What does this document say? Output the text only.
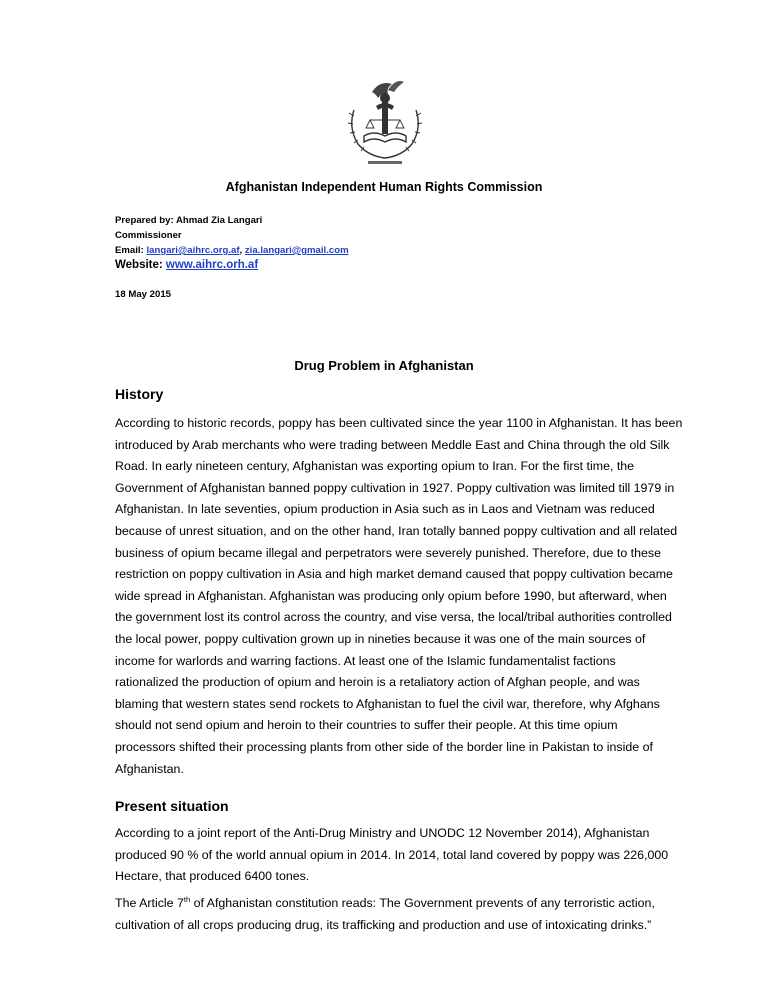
Afghanistan Independent Human Rights Commission
Prepared by: Ahmad Zia Langari
Commissioner
Email: langari@aihrc.org.af, zia.langari@gmail.com
Website: www.aihrc.orh.af
18 May 2015
Drug Problem in Afghanistan
History
According to historic records, poppy has been cultivated since the year 1100 in Afghanistan. It has been
introduced by Arab merchants who were trading between Meddle East and China through the old Silk
Road. In early nineteen century, Afghanistan was exporting opium to Iran. For the first time, the
Government of Afghanistan banned poppy cultivation in 1927. Poppy cultivation was limited till 1979 in
Afghanistan. In late seventies, opium production in Asia such as in Laos and Vietnam was reduced
because of unrest situation, and on the other hand, Iran totally banned poppy cultivation and all related
business of opium became illegal and perpetrators were severely punished. Therefore, due to these
restriction on poppy cultivation in Asia and high market demand caused that poppy cultivation became
wide spread in Afghanistan. Afghanistan was producing only opium before 1990, but afterward, when
the government lost its control across the country, and vise versa, the local/tribal authorities controlled
the local power, poppy cultivation grown up in nineties because it was one of the main sources of
income for warlords and warring factions. At least one of the Islamic fundamentalist factions
rationalized the production of opium and heroin is a retaliatory action of Afghan people, and was
blaming that western states send rockets to Afghanistan to fuel the civil war, therefore, why Afghans
should not send opium and heroin to their countries to suffer their people. At this time opium
processors shifted their processing plants from other side of the border line in Pakistan to inside of
Afghanistan.
Present situation
According to a joint report of the Anti-Drug Ministry and UNODC 12 November 2014), Afghanistan
produced 90 % of the world annual opium in 2014. In 2014, total land covered by poppy was 226,000
Hectare, that produced 6400 tones.
The Article 7th of Afghanistan constitution reads: The Government prevents of any terroristic action,
cultivation of all crops producing drug, its trafficking and production and use of intoxicating drinks.”
